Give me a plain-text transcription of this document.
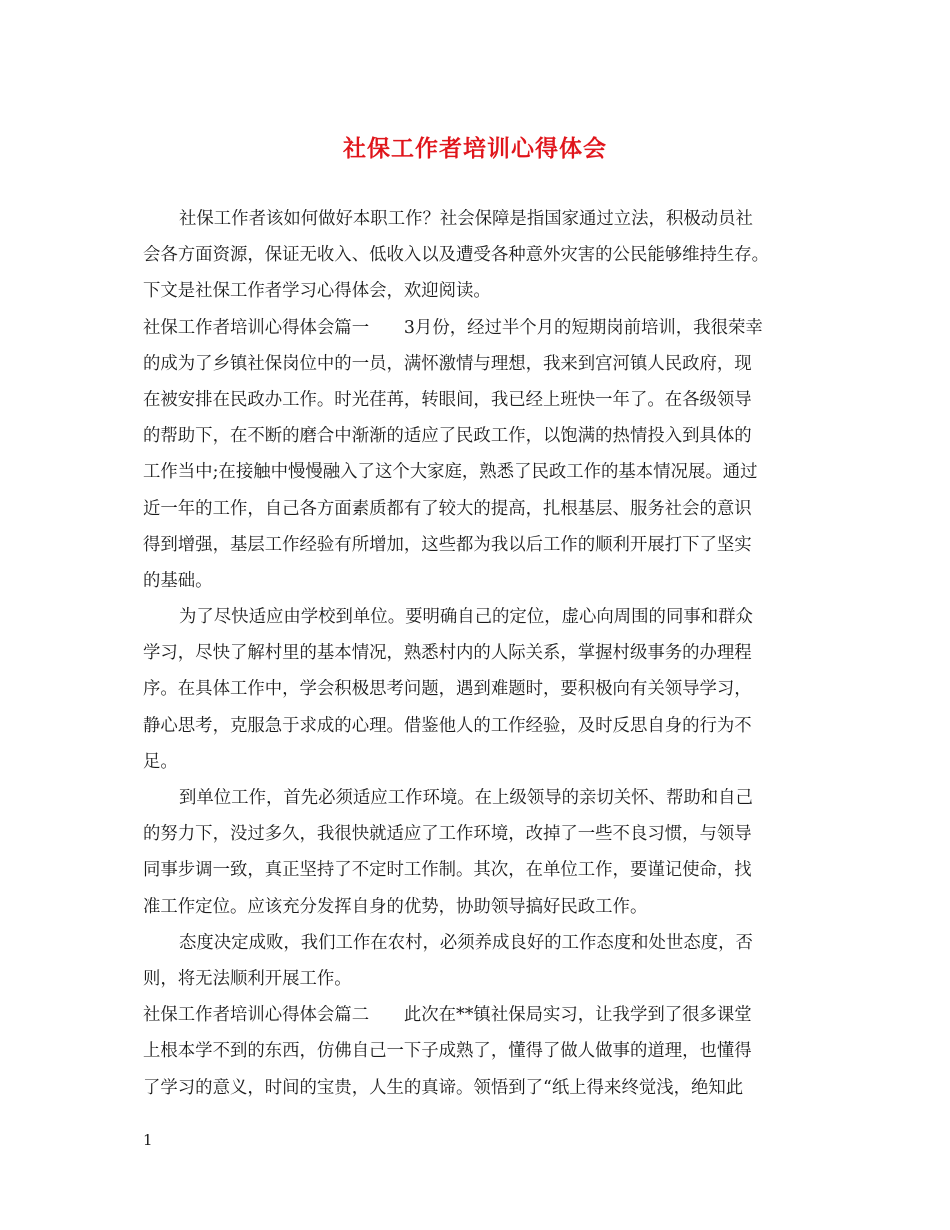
社保工作者培训心得体会
社保工作者该如何做好本职工作？社会保障是指国家通过立法，积极动员社
会各方面资源，保证无收入、低收入以及遭受各种意外灾害的公民能够维持生存。
下文是社保工作者学习心得体会，欢迎阅读。
社保工作者培训心得体会篇一　　3月份，经过半个月的短期岗前培训，我很荣幸
的成为了乡镇社保岗位中的一员，满怀激情与理想，我来到宫河镇人民政府，现
在被安排在民政办工作。时光荏苒，转眼间，我已经上班快一年了。在各级领导
的帮助下，在不断的磨合中渐渐的适应了民政工作，以饱满的热情投入到具体的
工作当中;在接触中慢慢融入了这个大家庭，熟悉了民政工作的基本情况展。通过
近一年的工作，自己各方面素质都有了较大的提高，扎根基层、服务社会的意识
得到增强，基层工作经验有所增加，这些都为我以后工作的顺利开展打下了坚实
的基础。
为了尽快适应由学校到单位。要明确自己的定位，虚心向周围的同事和群众
学习，尽快了解村里的基本情况，熟悉村内的人际关系，掌握村级事务的办理程
序。在具体工作中，学会积极思考问题，遇到难题时，要积极向有关领导学习，
静心思考，克服急于求成的心理。借鉴他人的工作经验，及时反思自身的行为不
足。
到单位工作，首先必须适应工作环境。在上级领导的亲切关怀、帮助和自己
的努力下，没过多久，我很快就适应了工作环境，改掉了一些不良习惯，与领导
同事步调一致，真正坚持了不定时工作制。其次，在单位工作，要谨记使命，找
准工作定位。应该充分发挥自身的优势，协助领导搞好民政工作。
态度决定成败，我们工作在农村，必须养成良好的工作态度和处世态度，否
则，将无法顺利开展工作。
社保工作者培训心得体会篇二　　此次在**镇社保局实习，让我学到了很多课堂
上根本学不到的东西，仿佛自己一下子成熟了，懂得了做人做事的道理，也懂得
了学习的意义，时间的宝贵，人生的真谛。领悟到了“纸上得来终觉浅，绝知此
1
